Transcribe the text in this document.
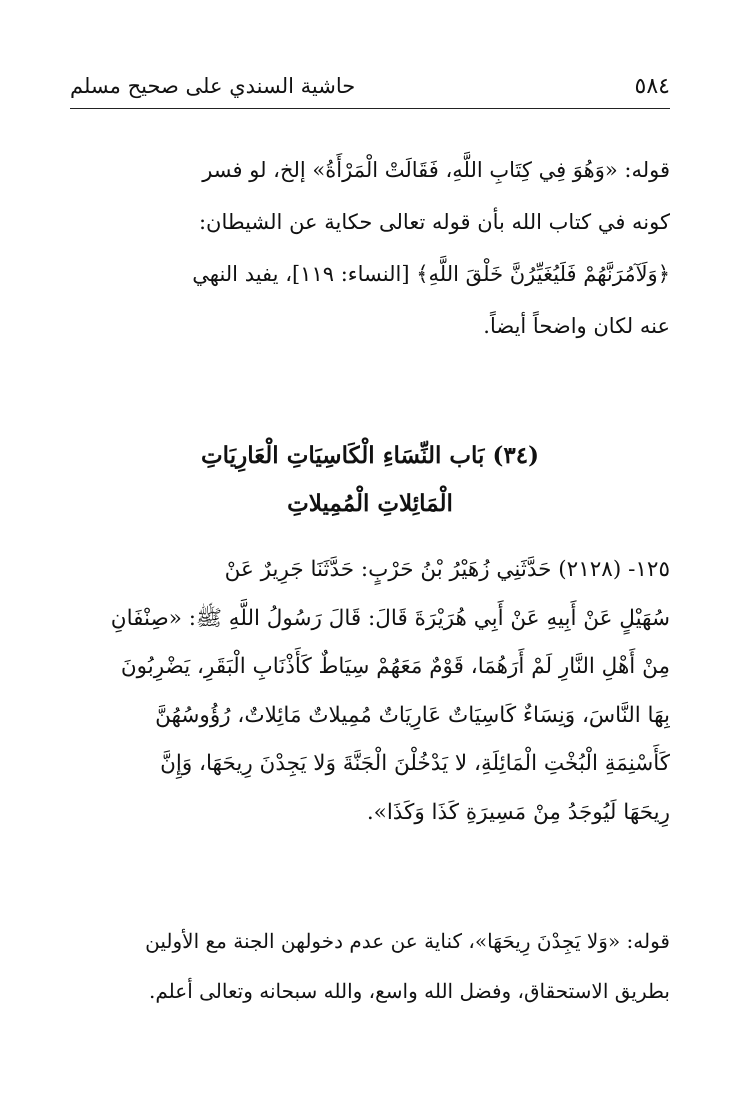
٥٨٤
حاشية السندي على صحيح مسلم
قوله: «وَهُوَ فِي كِتَابِ اللَّهِ، فَقَالَتْ الْمَرْأَةُ» إلخ، لو فسر
كونه في كتاب الله بأن قوله تعالى حكاية عن الشيطان:
﴿وَلَآمُرَنَّهُمْ فَلَيُغَيِّرُنَّ خَلْقَ اللَّهِ﴾ [النساء: ١١٩]، يفيد النهي
عنه لكان واضحاً أيضاً.
(٣٤) بَاب النِّسَاءِ الْكَاسِيَاتِ الْعَارِيَاتِ
الْمَائِلاتِ الْمُمِيلاتِ
١٢٥- (٢١٢٨) حَدَّثَنِي زُهَيْرُ بْنُ حَرْبٍ: حَدَّثَنَا جَرِيرٌ عَنْ
سُهَيْلٍ عَنْ أَبِيهِ عَنْ أَبِي هُرَيْرَةَ قَالَ: قَالَ رَسُولُ اللَّهِ ﷺ: «صِنْفَانِ
مِنْ أَهْلِ النَّارِ لَمْ أَرَهُمَا، قَوْمٌ مَعَهُمْ سِيَاطٌ كَأَذْنَابِ الْبَقَرِ، يَضْرِبُونَ
بِهَا النَّاسَ، وَنِسَاءٌ كَاسِيَاتٌ عَارِيَاتٌ مُمِيلاتٌ مَائِلاتٌ، رُؤُوسُهُنَّ
كَأَسْنِمَةِ الْبُخْتِ الْمَائِلَةِ، لا يَدْخُلْنَ الْجَنَّةَ وَلا يَجِدْنَ رِيحَهَا، وَإِنَّ
رِيحَهَا لَيُوجَدُ مِنْ مَسِيرَةِ كَذَا وَكَذَا».
قوله: «وَلا يَجِدْنَ رِيحَهَا»، كناية عن عدم دخولهن الجنة مع الأولين
بطريق الاستحقاق، وفضل الله واسع، والله سبحانه وتعالى أعلم.
